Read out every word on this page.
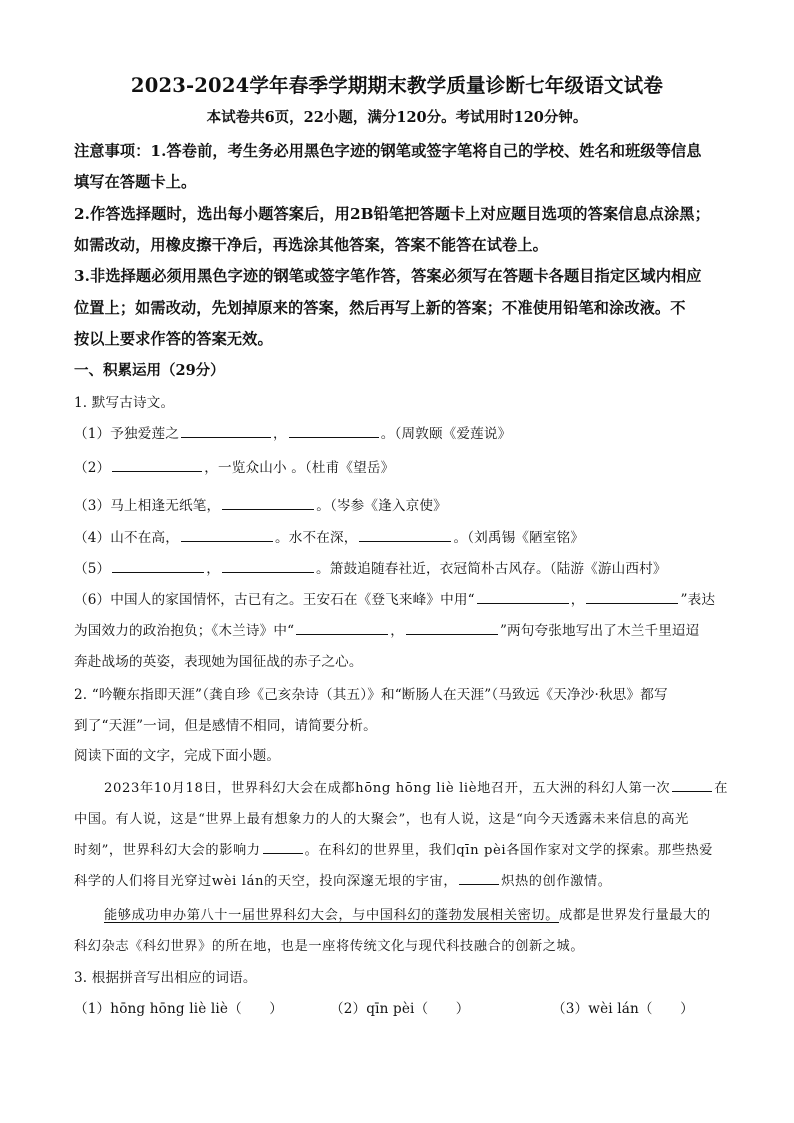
2023-2024学年春季学期期末教学质量诊断七年级语文试卷
本试卷共6页，22小题，满分120分。考试用时120分钟。
注意事项：1.答卷前，考生务必用黑色字迹的钢笔或签字笔将自己的学校、姓名和班级等信息
填写在答题卡上。
2.作答选择题时，选出每小题答案后，用2B铅笔把答题卡上对应题目选项的答案信息点涂黑；
如需改动，用橡皮擦干净后，再选涂其他答案，答案不能答在试卷上。
3.非选择题必须用黑色字迹的钢笔或签字笔作答，答案必须写在答题卡各题目指定区域内相应
位置上；如需改动，先划掉原来的答案，然后再写上新的答案；不准使用铅笔和涂改液。不
按以上要求作答的答案无效。
一、积累运用（29分）
1. 默写古诗文。
（1）予独爱莲之	，	。（周敦颐《爱莲说》
（2）	，一览众山小 。（杜甫《望岳》
（3）马上相逢无纸笔，	。（岑参《逢入京使》
（4）山不在高，	。水不在深，	。（刘禹锡《陋室铭》
（5）	，	。箫鼓追随春社近，衣冠简朴古风存。（陆游《游山西村》
（6）中国人的家国情怀，古已有之。王安石在《登飞来峰》中用“	，	”表达
为国效力的政治抱负；《木兰诗》中“	，	”两句夸张地写出了木兰千里迢迢
奔赴战场的英姿，表现她为国征战的赤子之心。
2. “吟鞭东指即天涯”（龚自珍《己亥杂诗（其五）》和“断肠人在天涯”（马致远《天净沙·秋思》都写
到了“天涯”一词，但是感情不相同，请简要分析。
阅读下面的文字，完成下面小题。
2023年10月18日，世界科幻大会在成都hōng hōng liè liè地召开，五大洲的科幻人第一次	在
中国。有人说，这是“世界上最有想象力的人的大聚会”，也有人说，这是“向今天透露未来信息的高光
时刻”，世界科幻大会的影响力	。在科幻的世界里，我们qīn pèi各国作家对文学的探索。那些热爱
科学的人们将目光穿过wèi lán的天空，投向深邃无垠的宇宙，	炽热的创作激情。
能够成功申办第八十一届世界科幻大会，与中国科幻的蓬勃发展相关密切。成都是世界发行量最大的
科幻杂志《科幻世界》的所在地，也是一座将传统文化与现代科技融合的创新之城。
3. 根据拼音写出相应的词语。
（1）hōng hōng liè liè（　　）	（2）qīn pèi（　　）	（3）wèi lán（　　）
